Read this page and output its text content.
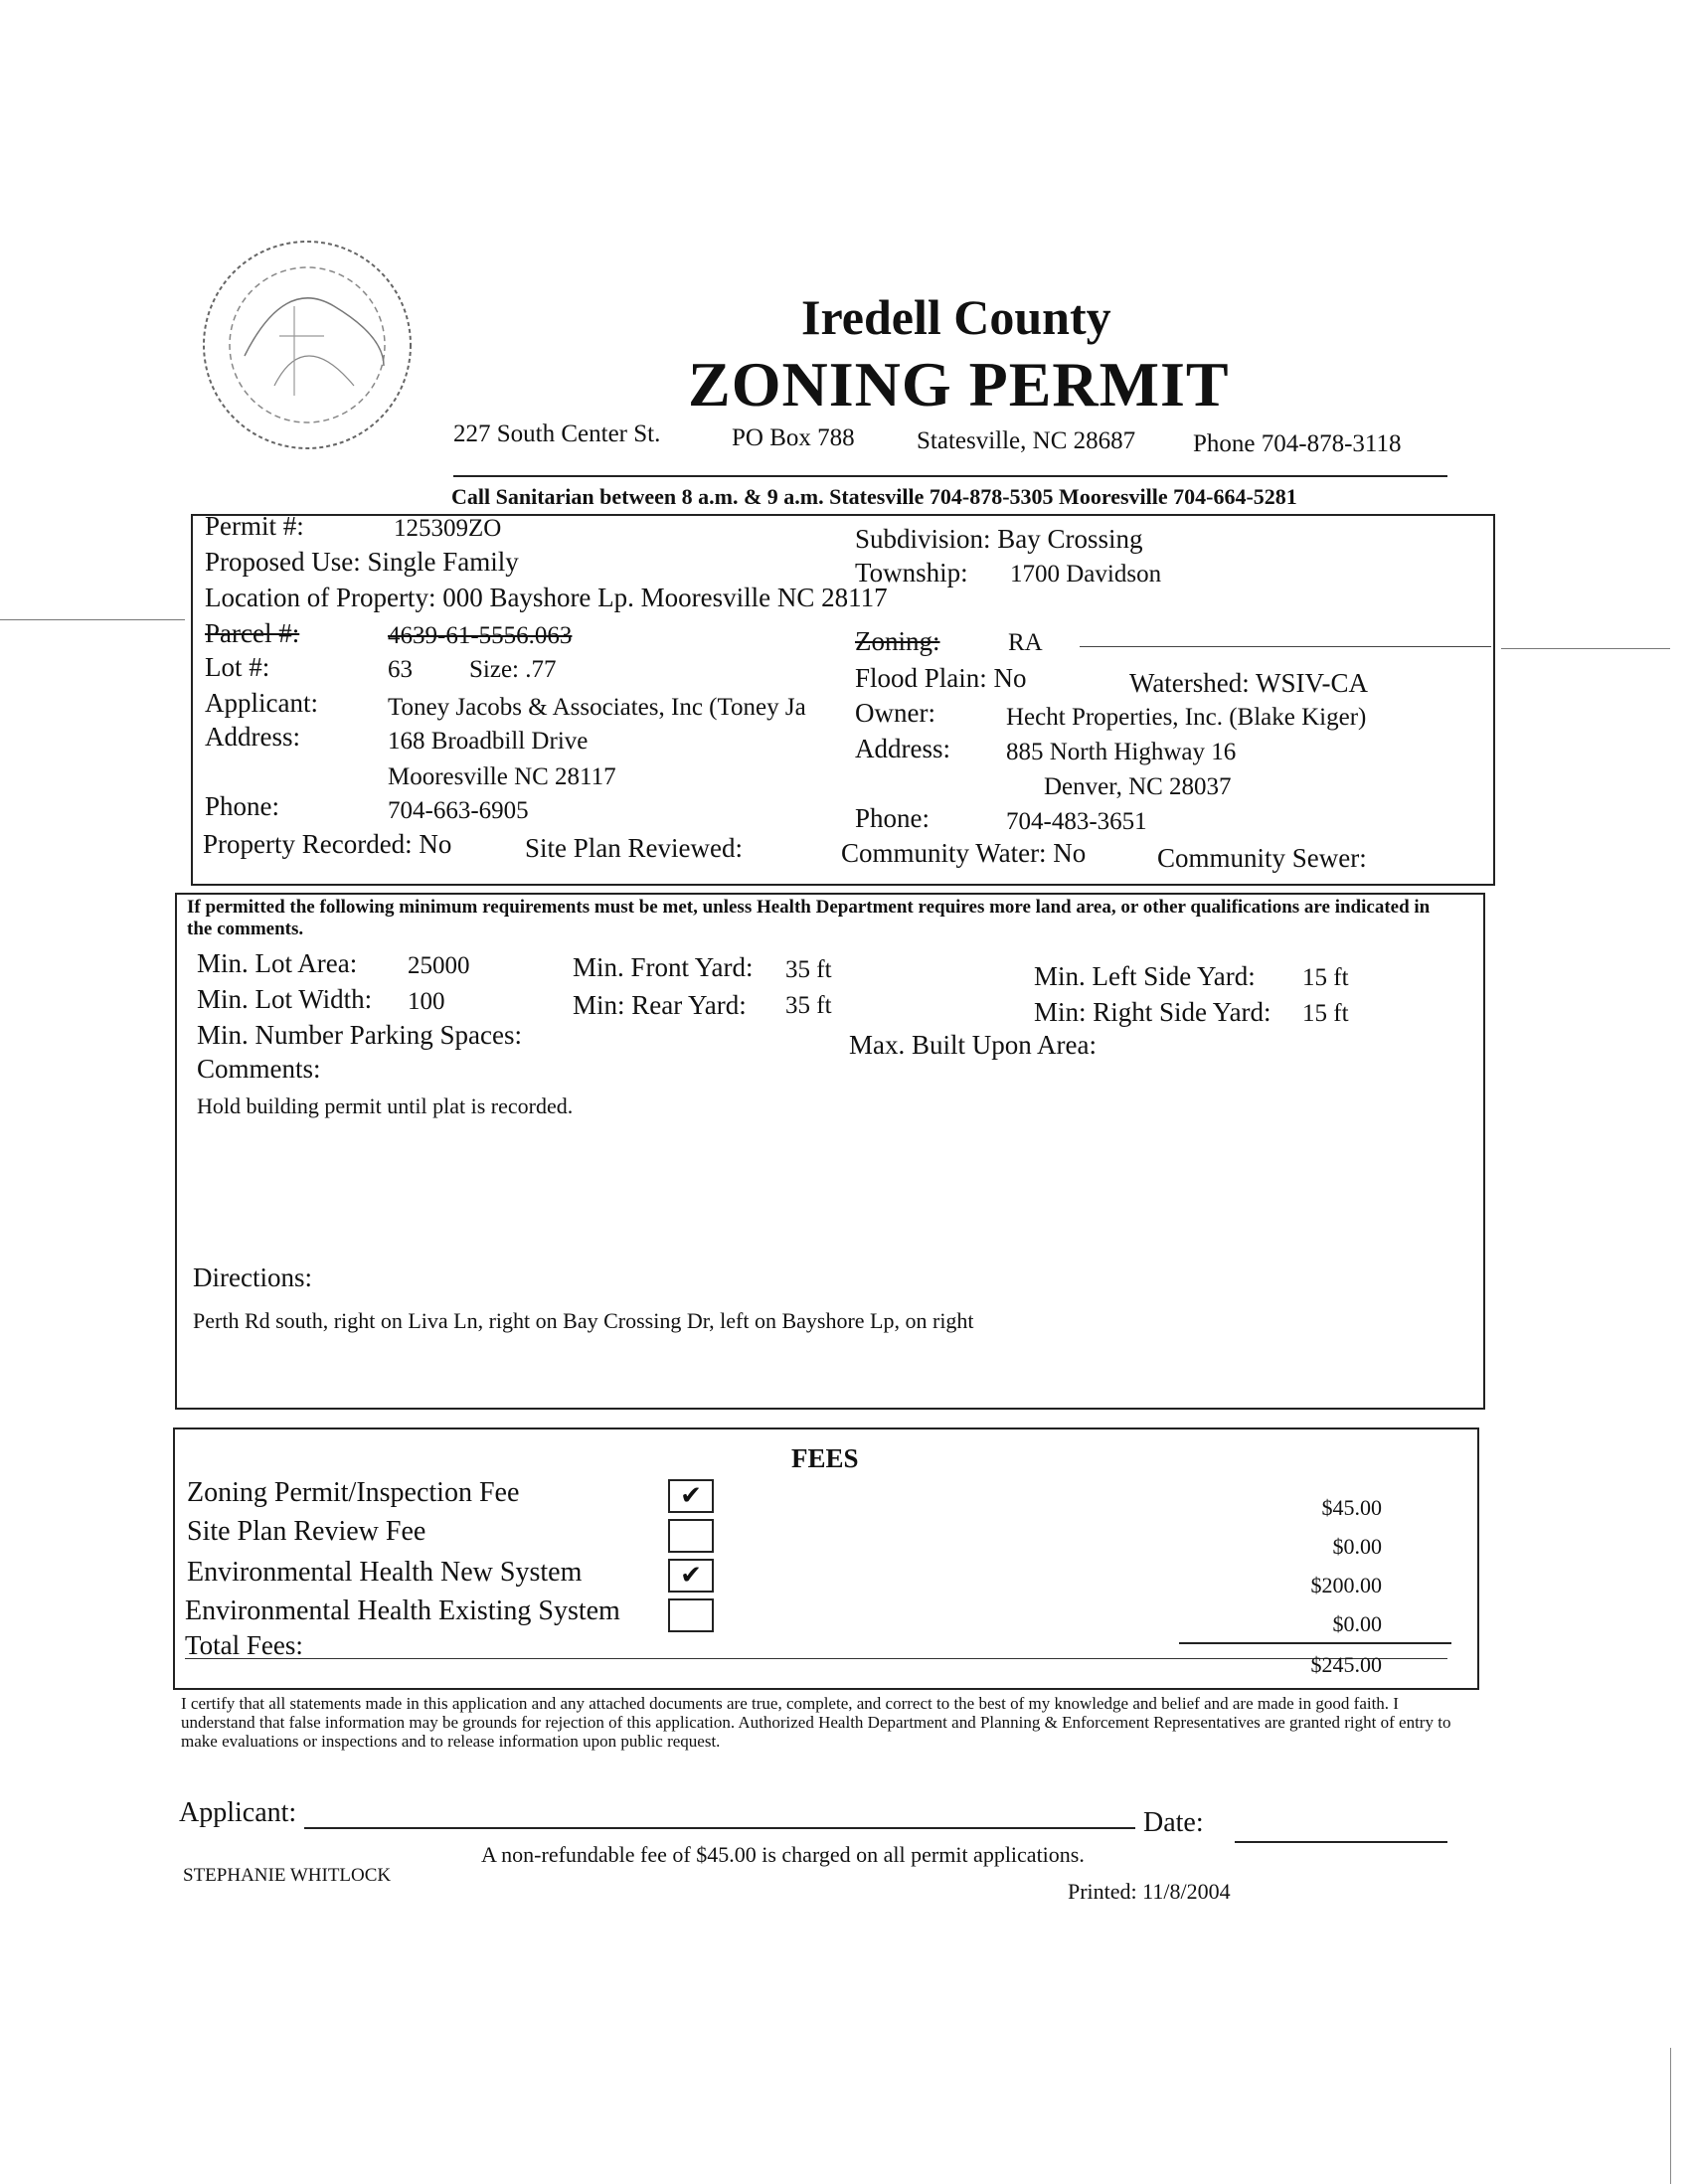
Iredell County
ZONING PERMIT
227 South Center St.	PO Box 788 Statesville, NC 28687 Phone 704-878-3118
Call Sanitarian between 8 a.m. & 9 a.m. Statesville 704-878-5305 Mooresville 704-664-5281
Permit #:	125309ZO	Subdivision: Bay Crossing
Proposed Use: Single Family	Township: 1700 Davidson
Location of Property: 000 Bayshore Lp. Mooresville NC 28117
Parcel #:	4639-61-5556.063	Zoning:	RA
Lot #:	63 Size: .77	Flood Plain: No	Watershed: WSIV-CA
Applicant:	Toney Jacobs & Associates, Inc (Toney Ja Owner:	Hecht Properties, Inc. (Blake Kiger)
Address:	168 Broadbill Drive	Address: 885 North Highway 16
Mooresville NC 28117	Denver, NC 28037
Phone:	704-663-6905	Phone:	704-483-3651
Property Recorded: No	Site Plan Reviewed:	Community Water: No	Community Sewer:
If permitted the following minimum requirements must be met, unless Health Department requires more land area, or other qualifications are indicated in the comments.
Min. Lot Area: 25000	Min. Front Yard: 35 ft	Min. Left Side Yard: 15 ft
Min. Lot Width: 100	Min: Rear Yard: 35 ft	Min: Right Side Yard: 15 ft
Min. Number Parking Spaces:	Max. Built Upon Area:
Comments:
Hold building permit until plat is recorded.
Directions:
Perth Rd south, right on Liva Ln, right on Bay Crossing Dr, left on Bayshore Lp, on right
FEES
Zoning Permit/Inspection Fee	✔	$45.00
Site Plan Review Fee	$0.00
Environmental Health New System	✔	$200.00
Environmental Health Existing System	$0.00
Total Fees:
$245.00
I certify that all statements made in this application and any attached documents are true, complete, and correct to the best of my knowledge and belief and are made in good faith. I understand that false information may be grounds for rejection of this application. Authorized Health Department and Planning & Enforcement Representatives are granted right of entry to make evaluations or inspections and to release information upon public request.
Applicant:	Date:
A non-refundable fee of $45.00 is charged on all permit applications.
STEPHANIE WHITLOCK
Printed: 11/8/2004
